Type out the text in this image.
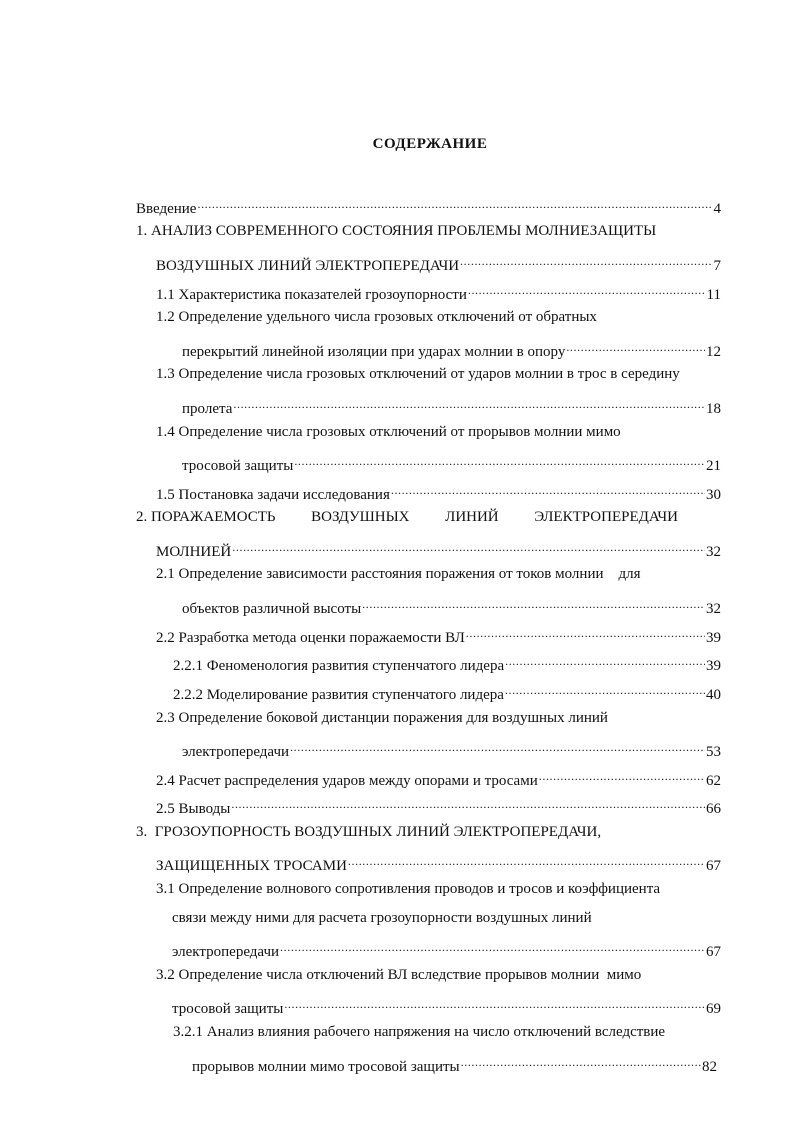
СОДЕРЖАНИЕ
Введение .....	4
1. АНАЛИЗ СОВРЕМЕННОГО СОСТОЯНИЯ ПРОБЛЕМЫ МОЛНИЕЗАЩИТЫ
ВОЗДУШНЫХ ЛИНИЙ ЭЛЕКТРОПЕРЕДАЧИ .....	7
1.1 Характеристика показателей грозоупорности .....	11
1.2 Определение удельного числа грозовых отключений от обратных
перекрытий линейной изоляции при ударах молнии в опору .....	12
1.3 Определение числа грозовых отключений от ударов молнии в трос в середину
пролета .....	18
1.4 Определение числа грозовых отключений от прорывов молнии мимо
тросовой защиты .....	21
1.5 Постановка задачи исследования .....	30
2. ПОРАЖАЕМОСТЬ ВОЗДУШНЫХ ЛИНИЙ ЭЛЕКТРОПЕРЕДАЧИ
МОЛНИЕЙ .....	32
2.1 Определение зависимости расстояния поражения от токов молнии    для
объектов различной высоты .....	32
2.2 Разработка метода оценки поражаемости ВЛ .....	39
2.2.1 Феноменология развития ступенчатого лидера .....	39
2.2.2 Моделирование развития ступенчатого лидера .....	40
2.3 Определение боковой дистанции поражения для воздушных линий
электропередачи .....	53
2.4 Расчет распределения ударов между опорами и тросами .....	62
2.5 Выводы .....	66
3.  ГРОЗОУПОРНОСТЬ ВОЗДУШНЫХ ЛИНИЙ ЭЛЕКТРОПЕРЕДАЧИ,
ЗАЩИЩЕННЫХ ТРОСАМИ .....	67
3.1 Определение волнового сопротивления проводов и тросов и коэффициента
связи между ними для расчета грозоупорности воздушных линий
электропередачи .....	67
3.2 Определение числа отключений ВЛ вследствие прорывов молнии  мимо
тросовой защиты .....	69
3.2.1 Анализ влияния рабочего напряжения на число отключений вследствие
прорывов молнии мимо тросовой защиты .....	82
